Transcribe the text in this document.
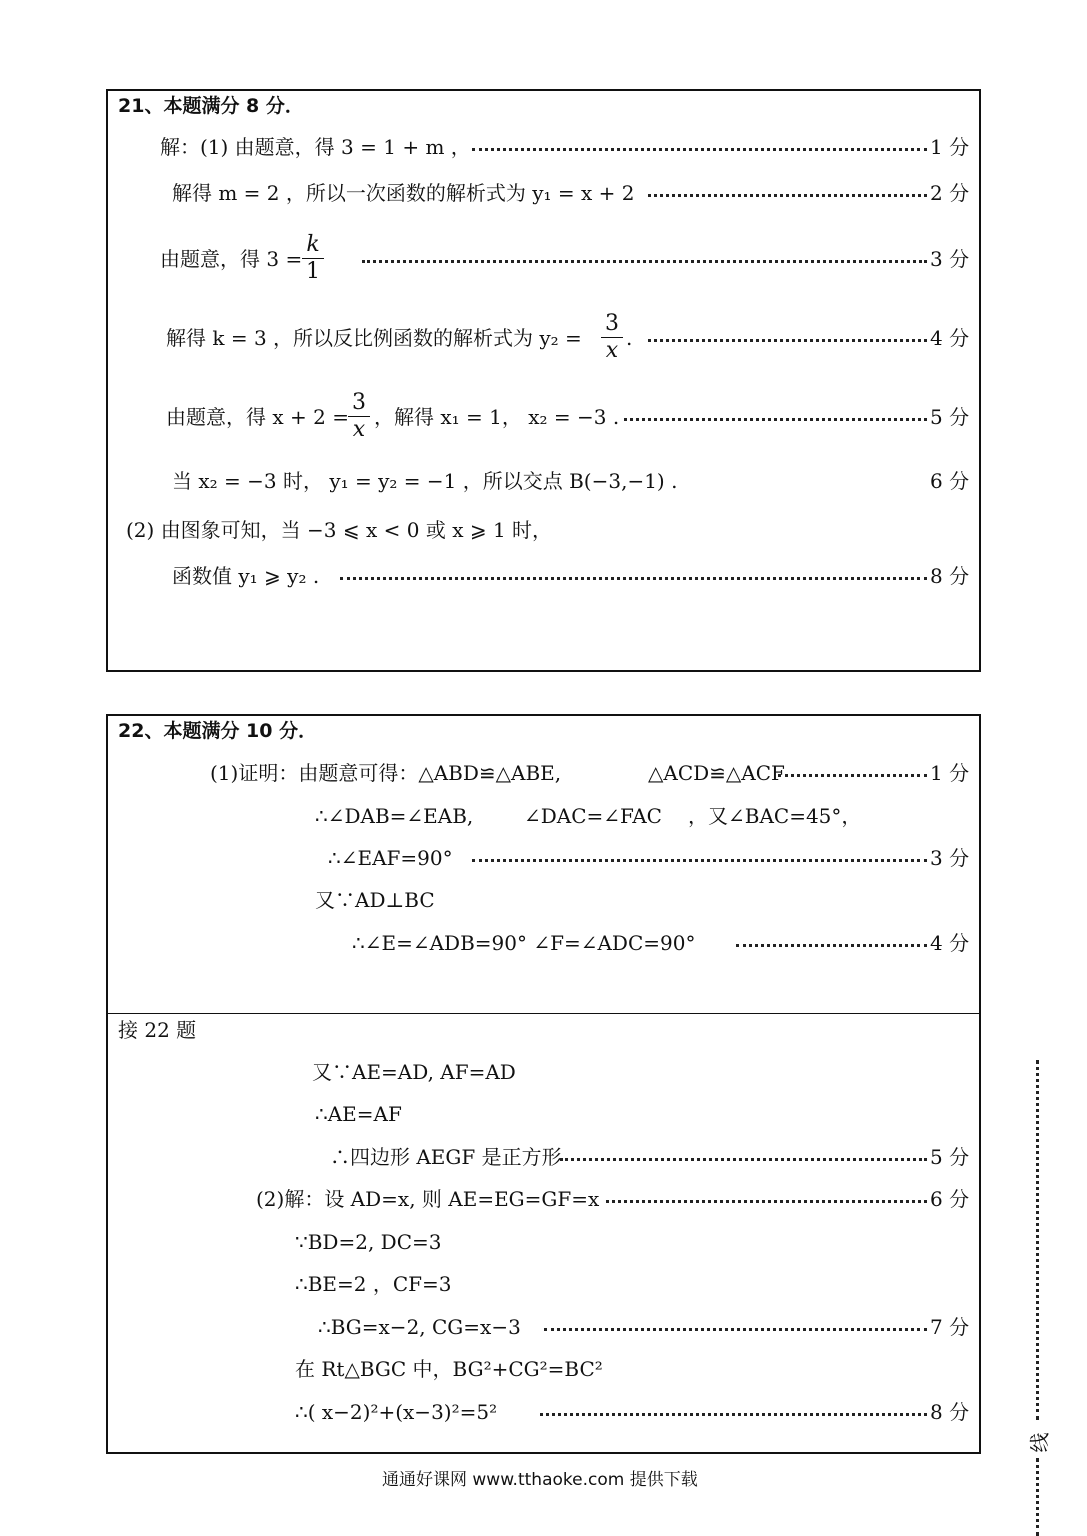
21、本题满分 8 分．
解：(1) 由题意，得 3 = 1 + m ，	1 分
解得 m = 2 ，所以一次函数的解析式为 y₁ = x + 2	2 分
由题意，得 3 =
k
1	3 分
解得 k = 3 ，所以反比例函数的解析式为 y₂ =
3
x .	4 分
由题意，得 x + 2 =
3
x ，解得 x₁ = 1， x₂ = −3 .	5 分
当 x₂ = −3 时， y₁ = y₂ = −1 ，所以交点 B(−3,−1) .	6 分
(2) 由图象可知，当 −3 ⩽ x < 0 或 x ⩾ 1 时，
函数值 y₁ ⩾ y₂ .	8 分
22、本题满分 10 分．
(1)证明：由题意可得：△ABD≌△ABE,	△ACD≌△ACF	1 分
∴∠DAB=∠EAB,	∠DAC=∠FAC ，又∠BAC=45°，
∴∠EAF=90°	3 分
又∵AD⊥BC
∴∠E=∠ADB=90° ∠F=∠ADC=90°	4 分
接 22 题
又∵AE=AD, AF=AD
∴AE=AF
∴四边形 AEGF 是正方形	5 分
(2)解：设 AD=x, 则 AE=EG=GF=x	6 分
∵BD=2, DC=3
∴BE=2 ，CF=3
∴BG=x−2, CG=x−3	7 分
在 Rt△BGC 中，BG²+CG²=BC²
∴( x−2)²+(x−3)²=5²	8 分
通通好课网 www.tthaoke.com 提供下载
线
